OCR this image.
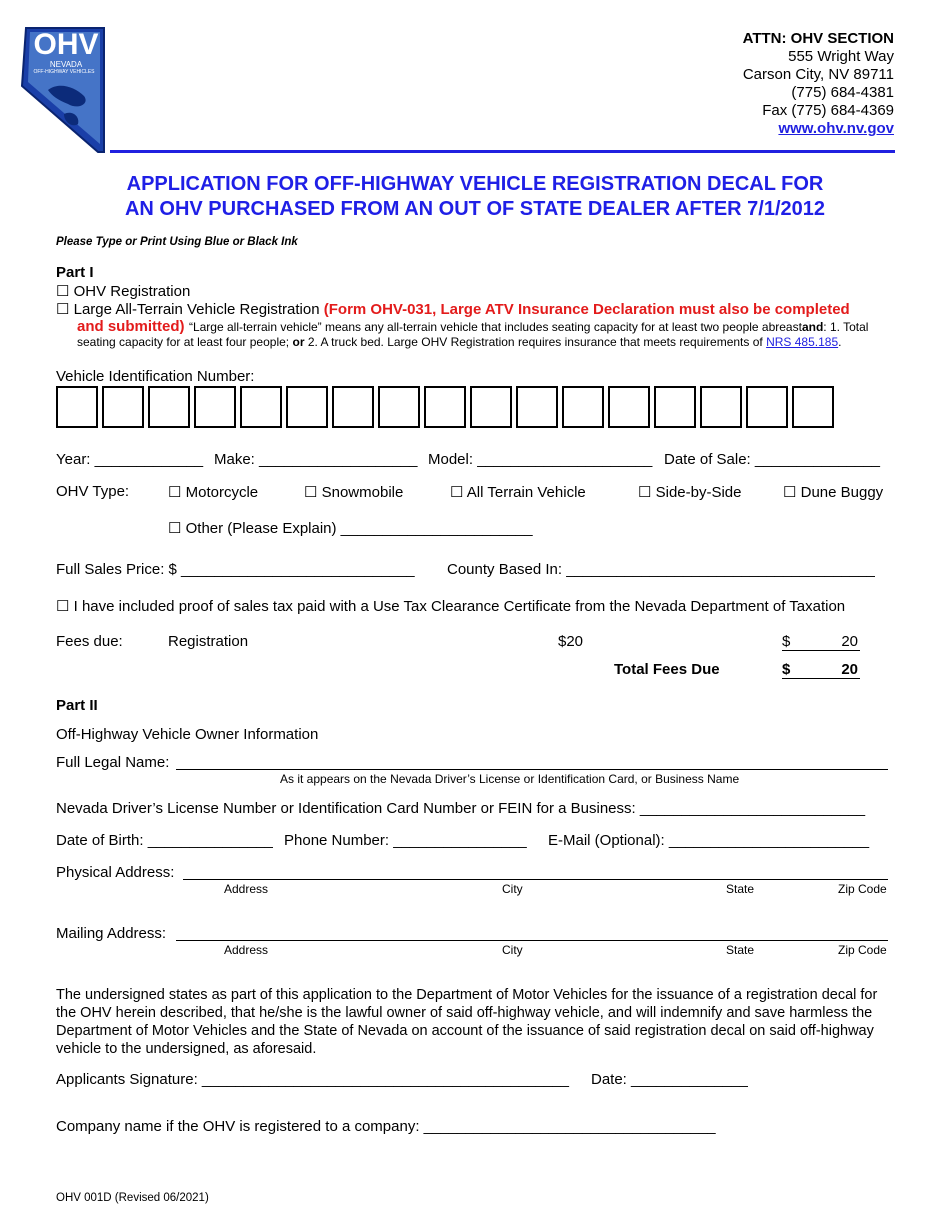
OHV
NEVADA
OFF-HIGHWAY VEHICLES
ATTN: OHV SECTION
555 Wright Way
Carson City, NV 89711
(775) 684-4381
Fax (775) 684-4369
www.ohv.nv.gov
APPLICATION FOR OFF-HIGHWAY VEHICLE REGISTRATION DECAL FOR
AN OHV PURCHASED FROM AN OUT OF STATE DEALER AFTER 7/1/2012
Please Type or Print Using Blue or Black Ink
Part I
☐ OHV Registration
☐ Large All-Terrain Vehicle Registration (Form OHV-031, Large ATV Insurance Declaration must also be completed
and submitted) “Large all-terrain vehicle” means any all-terrain vehicle that includes seating capacity for at least two people abreastand: 1. Total
seating capacity for at least four people; or 2. A truck bed. Large OHV Registration requires insurance that meets requirements of NRS 485.185.
Vehicle Identification Number:
Year: _____________ Make: ___________________ Model: _____________________ Date of Sale: _______________
OHV Type:	☐ Motorcycle	☐ Snowmobile	☐ All Terrain Vehicle	☐ Side-by-Side	☐ Dune Buggy
☐ Other (Please Explain) _______________________
Full Sales Price: $ ____________________________ County Based In: _____________________________________
☐ I have included proof of sales tax paid with a Use Tax Clearance Certificate from the Nevada Department of Taxation
Fees due:	Registration	$20	$	20
Total Fees Due	$	20
Part II
Off-Highway Vehicle Owner Information
Full Legal Name:
As it appears on the Nevada Driver’s License or Identification Card, or Business Name
Nevada Driver’s License Number or Identification Card Number or FEIN for a Business: ___________________________
Date of Birth: _______________ Phone Number: ________________ E-Mail (Optional): ________________________
Physical Address:
Address	City	State	Zip Code
Mailing Address:
Address	City	State	Zip Code
The undersigned states as part of this application to the Department of Motor Vehicles for the issuance of a registration decal for the OHV herein described, that he/she is the lawful owner of said off-highway vehicle, and will indemnify and save harmless the Department of Motor Vehicles and the State of Nevada on account of the issuance of said registration decal on said off-highway vehicle to the undersigned, as aforesaid.
Applicants Signature: ____________________________________________ Date: ______________
Company name if the OHV is registered to a company: ___________________________________
OHV 001D (Revised 06/2021)
